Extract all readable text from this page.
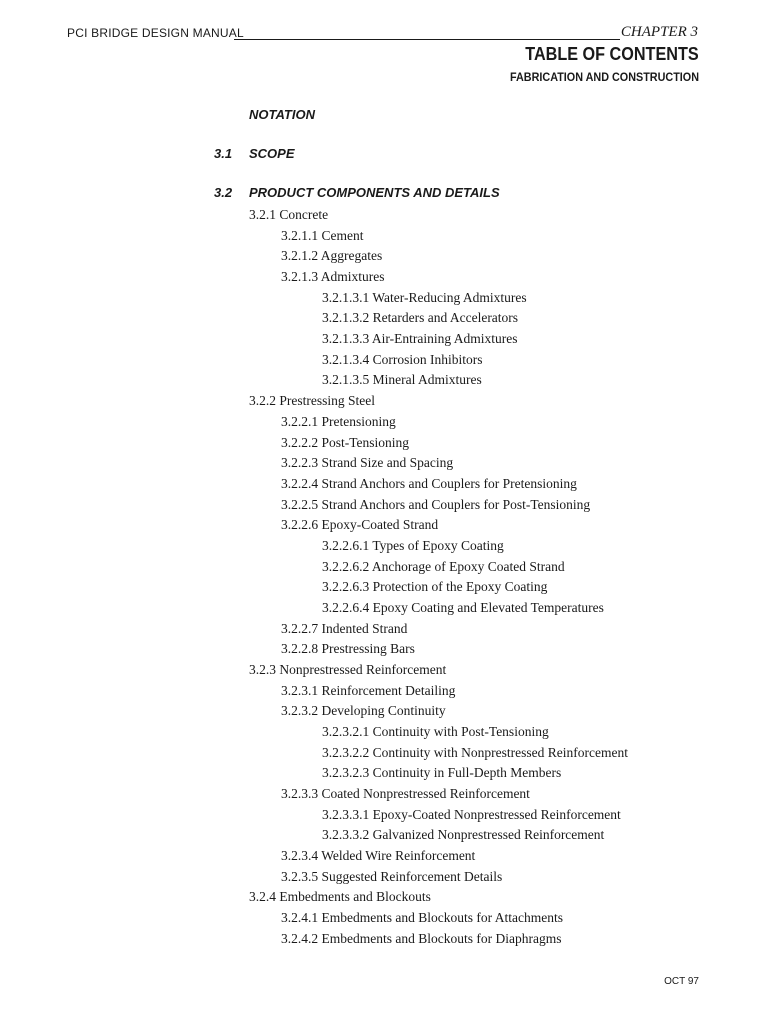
PCI BRIDGE DESIGN MANUAL	CHAPTER 3
TABLE OF CONTENTS
FABRICATION AND CONSTRUCTION
NOTATION
3.1 SCOPE
3.2 PRODUCT COMPONENTS AND DETAILS
3.2.1 Concrete
3.2.1.1 Cement
3.2.1.2 Aggregates
3.2.1.3 Admixtures
3.2.1.3.1 Water-Reducing Admixtures
3.2.1.3.2 Retarders and Accelerators
3.2.1.3.3 Air-Entraining Admixtures
3.2.1.3.4 Corrosion Inhibitors
3.2.1.3.5 Mineral Admixtures
3.2.2 Prestressing Steel
3.2.2.1 Pretensioning
3.2.2.2 Post-Tensioning
3.2.2.3 Strand Size and Spacing
3.2.2.4 Strand Anchors and Couplers for Pretensioning
3.2.2.5 Strand Anchors and Couplers for Post-Tensioning
3.2.2.6 Epoxy-Coated Strand
3.2.2.6.1 Types of Epoxy Coating
3.2.2.6.2 Anchorage of Epoxy Coated Strand
3.2.2.6.3 Protection of the Epoxy Coating
3.2.2.6.4 Epoxy Coating and Elevated Temperatures
3.2.2.7 Indented Strand
3.2.2.8 Prestressing Bars
3.2.3 Nonprestressed Reinforcement
3.2.3.1 Reinforcement Detailing
3.2.3.2 Developing Continuity
3.2.3.2.1 Continuity with Post-Tensioning
3.2.3.2.2 Continuity with Nonprestressed Reinforcement
3.2.3.2.3 Continuity in Full-Depth Members
3.2.3.3 Coated Nonprestressed Reinforcement
3.2.3.3.1 Epoxy-Coated Nonprestressed Reinforcement
3.2.3.3.2 Galvanized Nonprestressed Reinforcement
3.2.3.4 Welded Wire Reinforcement
3.2.3.5 Suggested Reinforcement Details
3.2.4 Embedments and Blockouts
3.2.4.1 Embedments and Blockouts for Attachments
3.2.4.2 Embedments and Blockouts for Diaphragms
OCT 97
